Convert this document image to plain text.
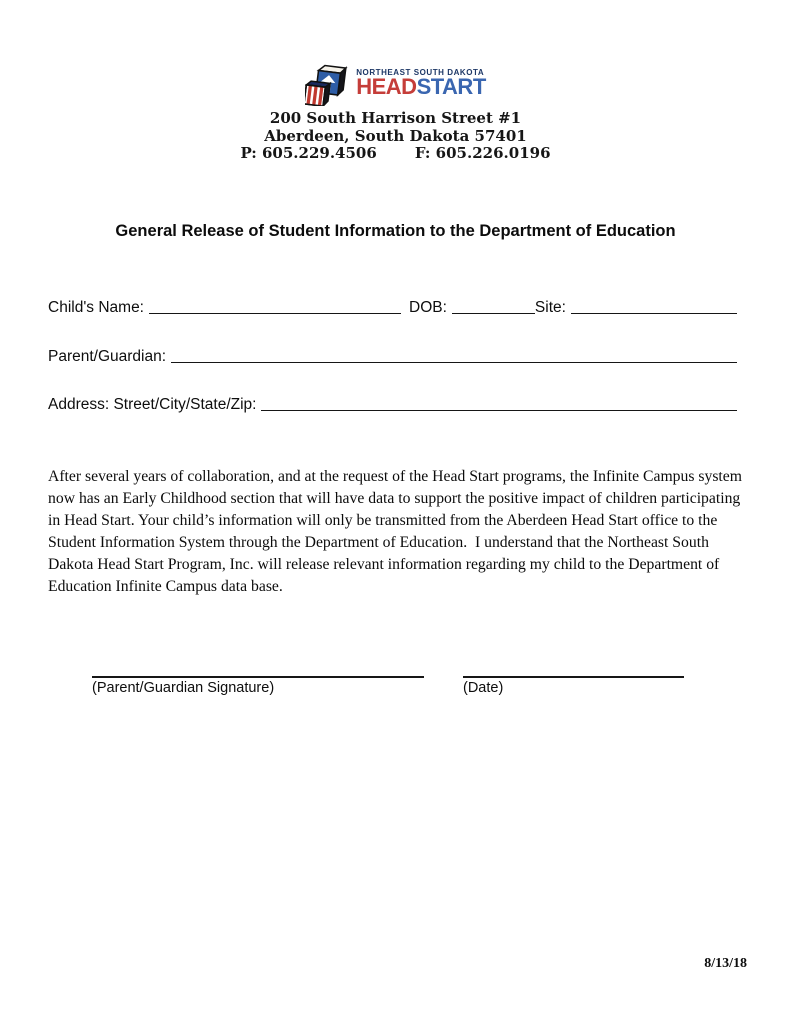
NORTHEAST SOUTH DAKOTA
HEADSTART
200 South Harrison Street #1
Aberdeen, South Dakota 57401
P: 605.229.4506	F: 605.226.0196
General Release of Student Information to the Department of Education
Child's Name:	DOB:	Site:
Parent/Guardian:
Address: Street/City/State/Zip:
After several years of collaboration, and at the request of the Head Start programs, the Infinite Campus system now has an Early Childhood section that will have data to support the positive impact of children participating in Head Start. Your child’s information will only be transmitted from the Aberdeen Head Start office to the Student Information System through the Department of Education.  I understand that the Northeast South Dakota Head Start Program, Inc. will release relevant information regarding my child to the Department of Education Infinite Campus data base.
(Parent/Guardian Signature)	(Date)
8/13/18
